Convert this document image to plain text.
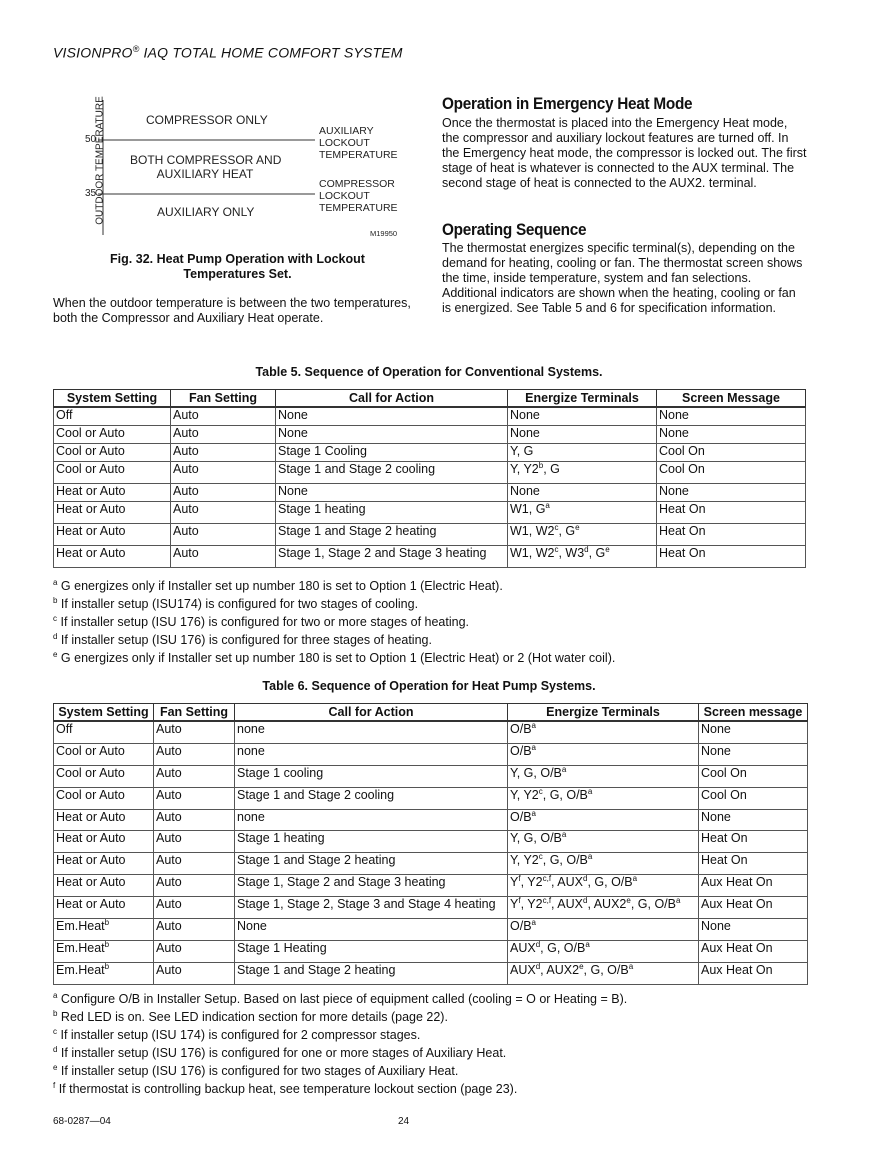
VISIONPRO® IAQ TOTAL HOME COMFORT SYSTEM
OUTDOOR TEMPERATURE
50
35
COMPRESSOR ONLY
BOTH COMPRESSOR AND
AUXILIARY HEAT
AUXILIARY ONLY
AUXILIARY
LOCKOUT
TEMPERATURE
COMPRESSOR
LOCKOUT
TEMPERATURE
M19950
Fig. 32. Heat Pump Operation with Lockout
Temperatures Set.
When the outdoor temperature is between the two temperatures, both the Compressor and Auxiliary Heat operate.
Operation in Emergency Heat Mode
Once the thermostat is placed into the Emergency Heat mode, the compressor and auxiliary lockout features are turned off. In the Emergency heat mode, the compressor is locked out. The first stage of heat is whatever is connected to the AUX terminal. The second stage of heat is connected to the AUX2. terminal.
Operating Sequence
The thermostat energizes specific terminal(s), depending on the demand for heating, cooling or fan. The thermostat screen shows the time, inside temperature, system and fan selections. Additional indicators are shown when the heating, cooling or fan is energized. See Table 5 and 6 for specification information.
Table 5. Sequence of Operation for Conventional Systems.
System Setting	Fan Setting	Call for Action	Energize Terminals	Screen Message
Off	Auto	None	None	None
Cool or Auto	Auto	None	None	None
Cool or Auto	Auto	Stage 1 Cooling	Y, G	Cool On
Cool or Auto	Auto	Stage 1 and Stage 2 cooling	Y, Y2$^b$, G	Cool On
Heat or Auto	Auto	None	None	None
Heat or Auto	Auto	Stage 1 heating	W1, $G^a$	Heat On
Heat or Auto	Auto	Stage 1 and Stage 2 heating	W1, W2$^c$, $G^e$	Heat On
Heat or Auto	Auto	Stage 1, Stage 2 and Stage 3 heating	W1, W2$^c$, W3$^d$, $G^e$	Heat On
$^a$ G energizes only if Installer set up number 180 is set to Option 1 (Electric Heat).
$^b$ If installer setup (ISU174) is configured for two stages of cooling.
$^c$ If installer setup (ISU 176) is configured for two or more stages of heating.
$^d$ If installer setup (ISU 176) is configured for three stages of heating.
$^e$ G energizes only if Installer set up number 180 is set to Option 1 (Electric Heat) or 2 (Hot water coil).
Table 6. Sequence of Operation for Heat Pump Systems.
System Setting	Fan Setting	Call for Action	Energize Terminals	Screen message
Off	Auto	none	$O/B^a$	None
Cool or Auto	Auto	none	$O/B^a$	None
Cool or Auto	Auto	Stage 1 cooling	Y, G, $O/B^a$	Cool On
Cool or Auto	Auto	Stage 1 and Stage 2 cooling	Y, Y2$^c$, G, $O/B^a$	Cool On
Heat or Auto	Auto	none	$O/B^a$	None
Heat or Auto	Auto	Stage 1 heating	Y, G, $O/B^a$	Heat On
Heat or Auto	Auto	Stage 1 and Stage 2 heating	Y, Y2$^c$, G, $O/B^a$	Heat On
Heat or Auto	Auto	Stage 1, Stage 2 and Stage 3 heating	$Y^f$, Y2$^{c,f}$, AUX$^d$, G, $O/B^a$	Aux Heat On
Heat or Auto	Auto	Stage 1, Stage 2, Stage 3 and Stage 4 heating	$Y^f$, Y2$^{c,f}$, AUX$^d$, AUX2e, G, $O/B^a$	Aux Heat On
Em.Heat$^b$	Auto	None	$O/B^a$	None
Em.Heat$^b$	Auto	Stage 1 Heating	AUX$^d$, G, $O/B^a$	Aux Heat On
Em.Heat$^b$	Auto	Stage 1 and Stage 2 heating	AUX$^d$, AUX2e, G, $O/B^a$	Aux Heat On
$^a$ Configure O/B in Installer Setup. Based on last piece of equipment called (cooling = O or Heating = B).
$^b$ Red LED is on. See LED indication section for more details (page 22).
$^c$ If installer setup (ISU 174) is configured for 2 compressor stages.
$^d$ If installer setup (ISU 176) is configured for one or more stages of Auxiliary Heat.
$^e$ If installer setup (ISU 176) is configured for two stages of Auxiliary Heat.
$^f$ If thermostat is controlling backup heat, see temperature lockout section (page 23).
68-0287—04	24
